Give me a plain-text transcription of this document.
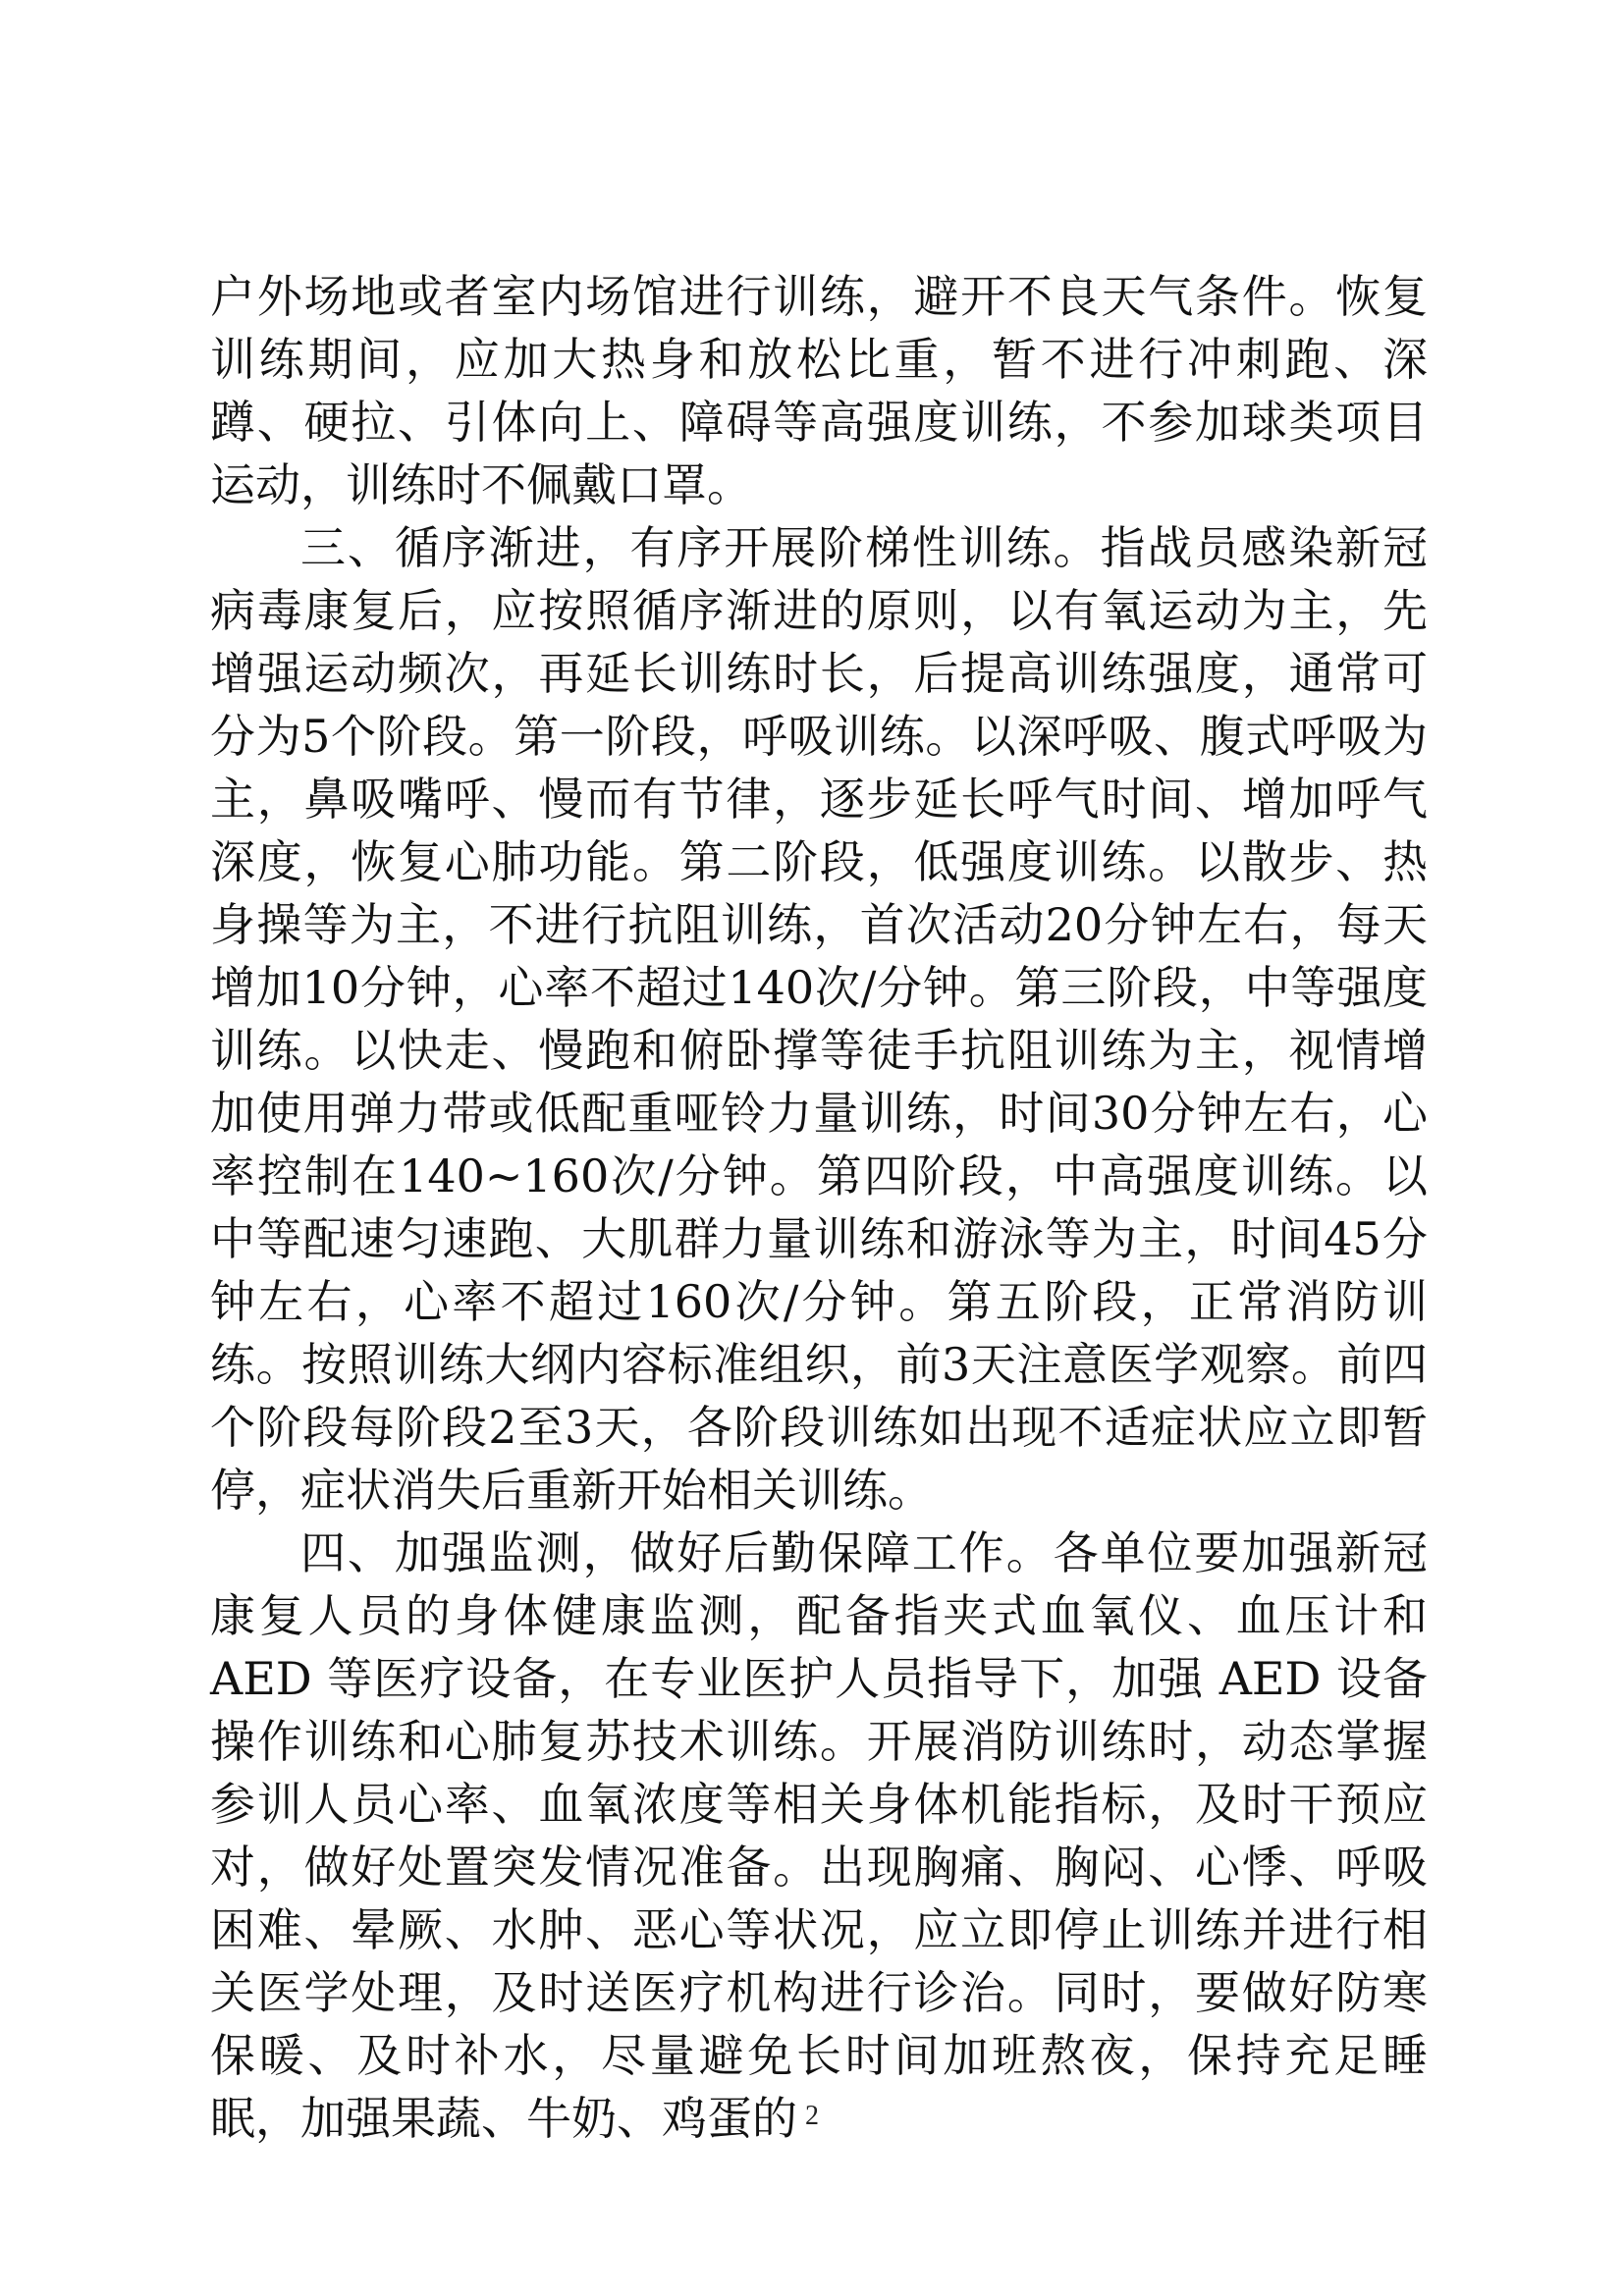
户外场地或者室内场馆进行训练，避开不良天气条件。恢复训练期间，应加大热身和放松比重，暂不进行冲刺跑、深蹲、硬拉、引体向上、障碍等高强度训练，不参加球类项目运动，训练时不佩戴口罩。

三、循序渐进，有序开展阶梯性训练。指战员感染新冠病毒康复后，应按照循序渐进的原则，以有氧运动为主，先增强运动频次，再延长训练时长，后提高训练强度，通常可分为5个阶段。第一阶段，呼吸训练。以深呼吸、腹式呼吸为主，鼻吸嘴呼、慢而有节律，逐步延长呼气时间、增加呼气深度，恢复心肺功能。第二阶段，低强度训练。以散步、热身操等为主，不进行抗阻训练，首次活动20分钟左右，每天增加10分钟，心率不超过140次/分钟。第三阶段，中等强度训练。以快走、慢跑和俯卧撑等徒手抗阻训练为主，视情增加使用弹力带或低配重哑铃力量训练，时间30分钟左右，心率控制在140~160次/分钟。第四阶段，中高强度训练。以中等配速匀速跑、大肌群力量训练和游泳等为主，时间45分钟左右，心率不超过160次/分钟。第五阶段，正常消防训练。按照训练大纲内容标准组织，前3天注意医学观察。前四个阶段每阶段2至3天，各阶段训练如出现不适症状应立即暂停，症状消失后重新开始相关训练。

四、加强监测，做好后勤保障工作。各单位要加强新冠康复人员的身体健康监测，配备指夹式血氧仪、血压计和 AED 等医疗设备，在专业医护人员指导下，加强 AED 设备操作训练和心肺复苏技术训练。开展消防训练时，动态掌握参训人员心率、血氧浓度等相关身体机能指标，及时干预应对，做好处置突发情况准备。出现胸痛、胸闷、心悸、呼吸困难、晕厥、水肿、恶心等状况，应立即停止训练并进行相关医学处理，及时送医疗机构进行诊治。同时，要做好防寒保暖、及时补水，尽量避免长时间加班熬夜，保持充足睡眠，加强果蔬、牛奶、鸡蛋的 2
